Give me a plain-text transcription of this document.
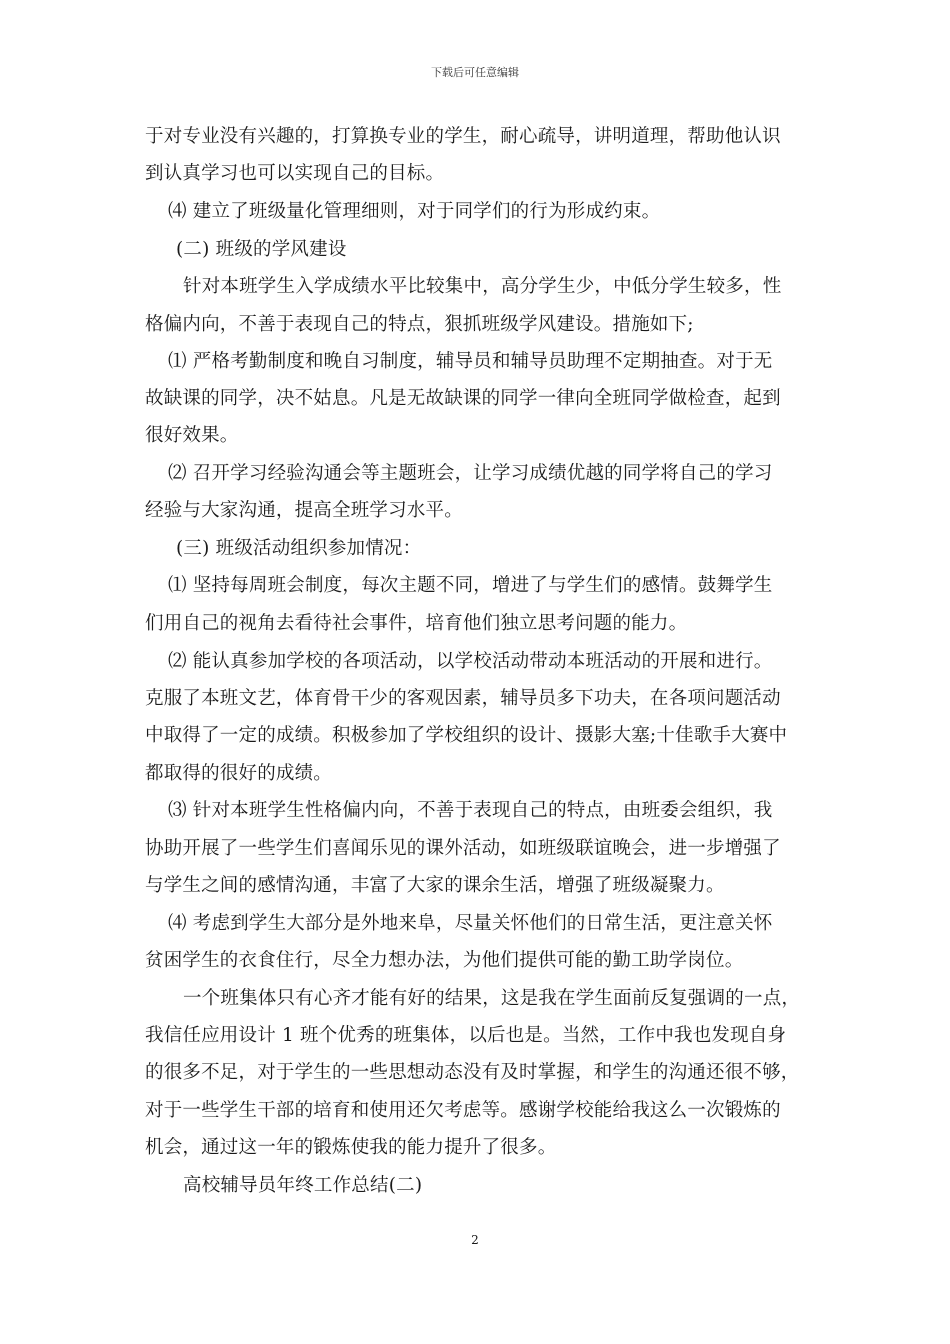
下载后可任意编辑
于对专业没有兴趣的，打算换专业的学生，耐心疏导，讲明道理，帮助他认识
到认真学习也可以实现自己的目标。
⑷ 建立了班级量化管理细则，对于同学们的行为形成约束。
(二) 班级的学风建设
针对本班学生入学成绩水平比较集中，高分学生少，中低分学生较多，性
格偏内向，不善于表现自己的特点，狠抓班级学风建设。措施如下;
⑴ 严格考勤制度和晚自习制度，辅导员和辅导员助理不定期抽查。对于无
故缺课的同学，决不姑息。凡是无故缺课的同学一律向全班同学做检查，起到
很好效果。
⑵ 召开学习经验沟通会等主题班会，让学习成绩优越的同学将自己的学习
经验与大家沟通，提高全班学习水平。
(三) 班级活动组织参加情况：
⑴ 坚持每周班会制度，每次主题不同，增进了与学生们的感情。鼓舞学生
们用自己的视角去看待社会事件，培育他们独立思考问题的能力。
⑵ 能认真参加学校的各项活动，以学校活动带动本班活动的开展和进行。
克服了本班文艺，体育骨干少的客观因素，辅导员多下功夫，在各项问题活动
中取得了一定的成绩。积极参加了学校组织的设计、摄影大塞;十佳歌手大赛中
都取得的很好的成绩。
⑶ 针对本班学生性格偏内向，不善于表现自己的特点，由班委会组织，我
协助开展了一些学生们喜闻乐见的课外活动，如班级联谊晚会，进一步增强了
与学生之间的感情沟通，丰富了大家的课余生活，增强了班级凝聚力。
⑷ 考虑到学生大部分是外地来阜，尽量关怀他们的日常生活，更注意关怀
贫困学生的衣食住行，尽全力想办法，为他们提供可能的勤工助学岗位。
一个班集体只有心齐才能有好的结果，这是我在学生面前反复强调的一点，
我信任应用设计 1 班个优秀的班集体，以后也是。当然，工作中我也发现自身
的很多不足，对于学生的一些思想动态没有及时掌握，和学生的沟通还很不够，
对于一些学生干部的培育和使用还欠考虑等。感谢学校能给我这么一次锻炼的
机会，通过这一年的锻炼使我的能力提升了很多。
高校辅导员年终工作总结(二)
2
